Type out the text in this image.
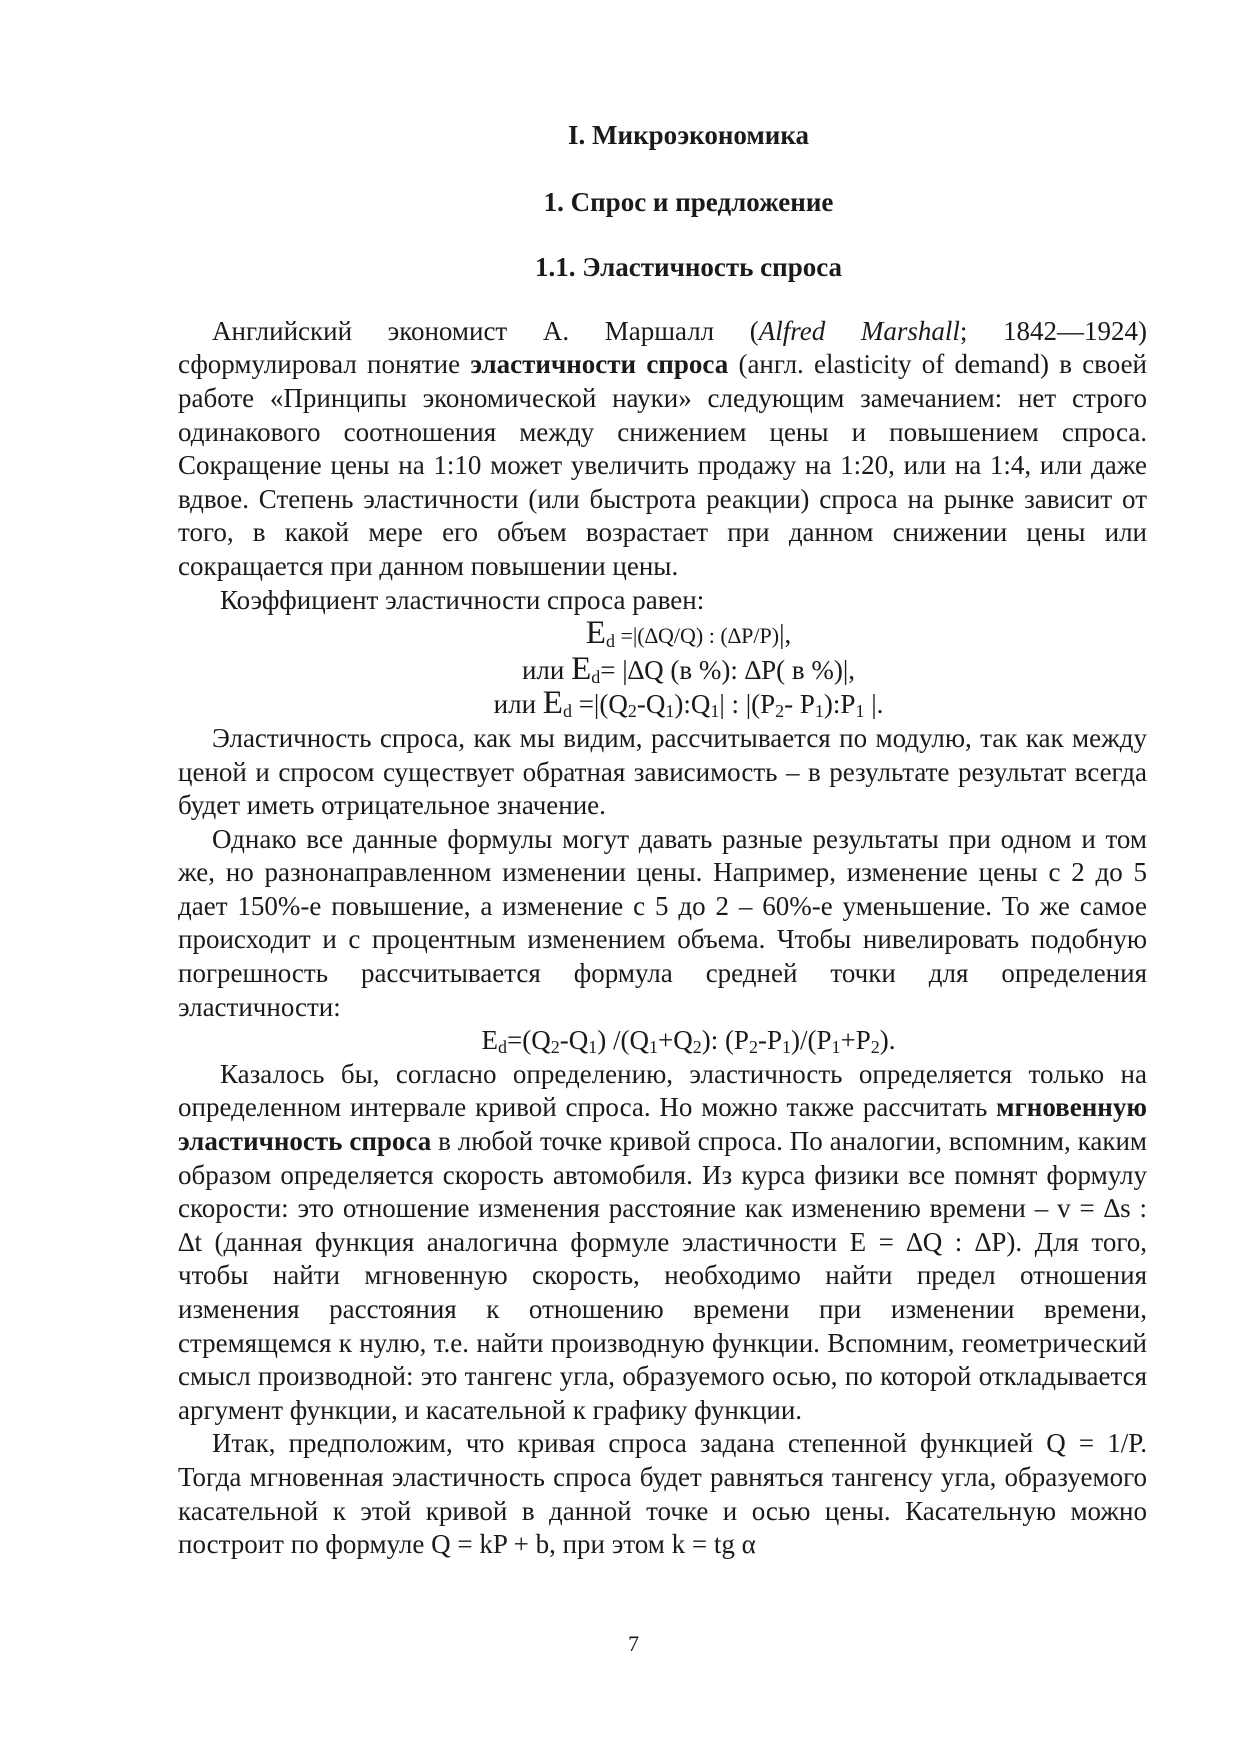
I. Микроэкономика
1. Спрос и предложение
1.1. Эластичность спроса

Английский экономист А. Маршалл (Alfred Marshall; 1842—1924) сформулировал понятие эластичности спроса (англ. elasticity of demand) в своей работе «Принципы экономической науки» следующим замечанием: нет строго одинакового соотношения между снижением цены и повышением спроса. Сокращение цены на 1:10 может увеличить продажу на 1:20, или на 1:4, или даже вдвое. Степень эластичности (или быстрота реакции) спроса на рынке зависит от того, в какой мере его объем возрастает при данном снижении цены или сокращается при данном повышении цены.

Коэффициент эластичности спроса равен:

$E_d =|(\Delta Q/Q)$ : (∆P/P)|,

или $E_d= |\Delta Q$ (в %): ∆P( в %)|,

или $E_d$ $=|(Q_2-Q_1):Q_1|$ : $|(P_2-$ $P_1):P_1$ |.

Эластичность спроса, как мы видим, рассчитывается по модулю, так как между ценой и спросом существует обратная зависимость – в результате результат всегда будет иметь отрицательное значение.

Однако все данные формулы могут давать разные результаты при одном и том же, но разнонаправленном изменении цены. Например, изменение цены с 2 до 5 дает 150%-е повышение, а изменение с 5 до 2 – 60%-е уменьшение. То же самое происходит и с процентным изменением объема. Чтобы нивелировать подобную погрешность рассчитывается формула средней точки для определения эластичности:

$E_d=(Q_2-Q_1)$ $/(Q_1+Q_2)$: $(P_2-P_1)/(P_1+P_2)$.

Казалось бы, согласно определению, эластичность определяется только на определенном интервале кривой спроса. Но можно также рассчитать мгновенную эластичность спроса в любой точке кривой спроса. По аналогии, вспомним, каким образом определяется скорость автомобиля. Из курса физики все помнят формулу скорости: это отношение изменения расстояние как изменению времени – v = ∆s : ∆t (данная функция аналогична формуле эластичности E = ∆Q : ∆P). Для того, чтобы найти мгновенную скорость, необходимо найти предел отношения изменения расстояния к отношению времени при изменении времени, стремящемся к нулю, т.е. найти производную функции. Вспомним, геометрический смысл производной: это тангенс угла, образуемого осью, по которой откладывается аргумент функции, и касательной к графику функции.

Итак, предположим, что кривая спроса задана степенной функцией Q = 1/P. Тогда мгновенная эластичность спроса будет равняться тангенсу угла, образуемого касательной к этой кривой в данной точке и осью цены. Касательную можно построит по формуле Q = kP + b, при этом k = tg α

7
